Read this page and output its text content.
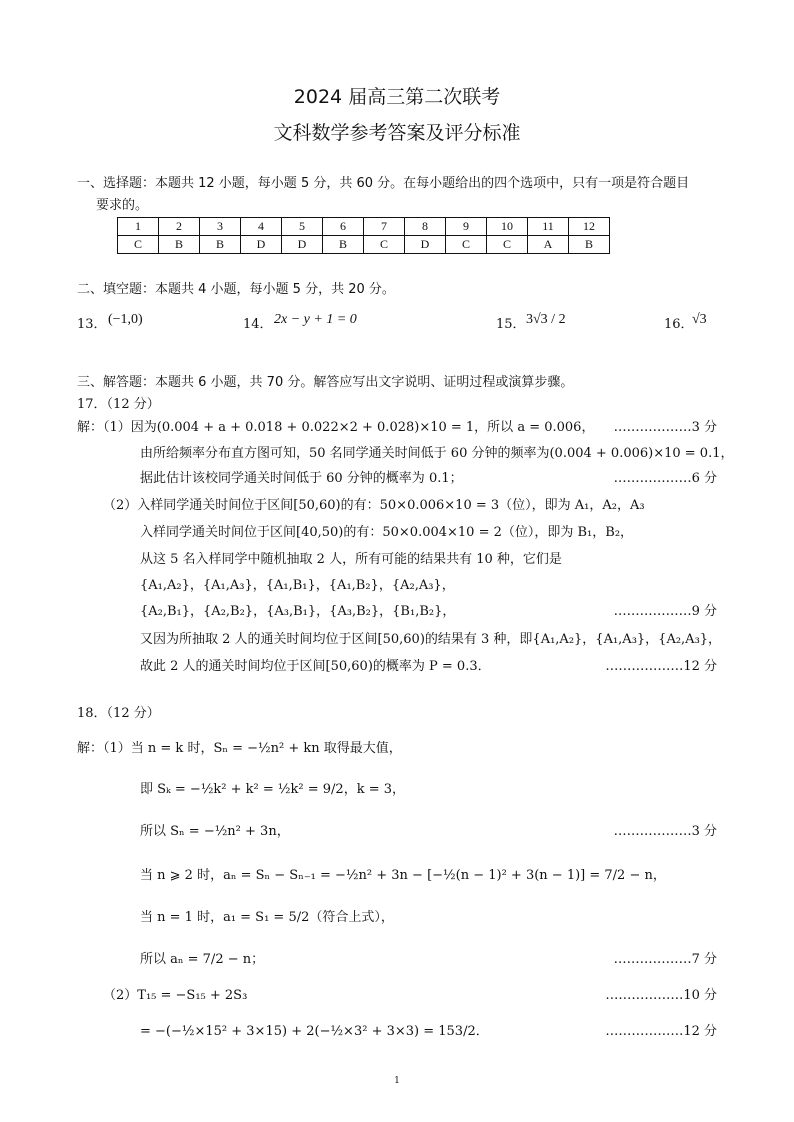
2024 届高三第二次联考
文科数学参考答案及评分标准
一、选择题：本题共 12 小题，每小题 5 分，共 60 分。在每小题给出的四个选项中，只有一项是符合题目
要求的。
1	2	3	4	5	6	7	8	9	10	11	12
C	B	B	D	D	B	C	D	C	C	A	B
二、填空题：本题共 4 小题，每小题 5 分，共 20 分。
13． (−1,0)	14． 2x − y + 1 = 0	15． 3√3 / 2	16．
√3
三、解答题：本题共 6 小题，共 70 分。解答应写出文字说明、证明过程或演算步骤。
17．（12 分）
解：（1）因为(0.004 + a + 0.018 + 0.022×2 + 0.028)×10 = 1，所以 a = 0.006， ………………3 分
由所给频率分布直方图可知，50 名同学通关时间低于 60 分钟的频率为(0.004 + 0.006)×10 = 0.1，
据此估计该校同学通关时间低于 60 分钟的概率为 0.1；	………………6 分
（2）入样同学通关时间位于区间[50,60)的有：50×0.006×10 = 3（位），即为 A₁，A₂，A₃
入样同学通关时间位于区间[40,50)的有：50×0.004×10 = 2（位），即为 B₁，B₂，
从这 5 名入样同学中随机抽取 2 人，所有可能的结果共有 10 种，它们是
{A₁,A₂}，{A₁,A₃}，{A₁,B₁}，{A₁,B₂}，{A₂,A₃}，
{A₂,B₁}，{A₂,B₂}，{A₃,B₁}，{A₃,B₂}，{B₁,B₂}，	………………9 分
又因为所抽取 2 人的通关时间均位于区间[50,60)的结果有 3 种，即{A₁,A₂}，{A₁,A₃}，{A₂,A₃}，
故此 2 人的通关时间均位于区间[50,60)的概率为 P = 0.3．	………………12 分
18．（12 分）
解：（1）当 n = k 时，Sₙ = −½n² + kn 取得最大值，
即 Sₖ = −½k² + k² = ½k² = 9/2，k = 3，
所以 Sₙ = −½n² + 3n，	………………3 分
当 n ⩾ 2 时，aₙ = Sₙ − Sₙ₋₁ = −½n² + 3n − [−½(n − 1)² + 3(n − 1)] = 7/2 − n，
当 n = 1 时，a₁ = S₁ = 5/2（符合上式），
所以 aₙ = 7/2 − n；	………………7 分
（2）T₁₅ = −S₁₅ + 2S₃	………………10 分
= −(−½×15² + 3×15) + 2(−½×3² + 3×3) = 153/2．	………………12 分
1
